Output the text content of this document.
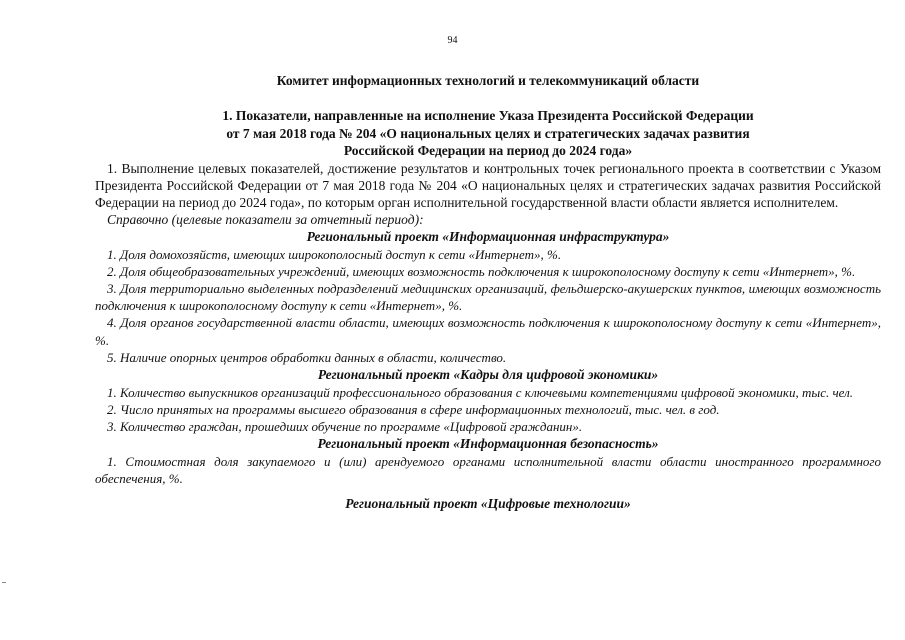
94

Комитет информационных технологий и телекоммуникаций области

1. Показатели, направленные на исполнение Указа Президента Российской Федерации
от 7 мая 2018 года № 204 «О национальных целях и стратегических задачах развития
Российской Федерации на период до 2024 года»

1. Выполнение целевых показателей, достижение результатов и контрольных точек регионального проекта в соответствии с Указом Президента Российской Федерации от 7 мая 2018 года № 204 «О национальных целях и стратегических задачах развития Российской Федерации на период до 2024 года», по которым орган исполнительной государственной власти области является исполнителем.

Справочно (целевые показатели за отчетный период):

Региональный проект «Информационная инфраструктура»

1. Доля домохозяйств, имеющих широкополосный доступ к сети «Интернет», %.

2. Доля общеобразовательных учреждений, имеющих возможность подключения к широкополосному доступу к сети «Интернет», %.

3. Доля территориально выделенных подразделений медицинских организаций, фельдшерско-акушерских пунктов, имеющих возможность подключения к широкополосному доступу к сети «Интернет», %.

4. Доля органов государственной власти области, имеющих возможность подключения к широкополосному доступу к сети «Интернет», %.

5. Наличие опорных центров обработки данных в области, количество.

Региональный проект «Кадры для цифровой экономики»

1. Количество выпускников организаций профессионального образования с ключевыми компетенциями цифровой экономики, тыс. чел.

2. Число принятых на программы высшего образования в сфере информационных технологий, тыс. чел. в год.

3. Количество граждан, прошедших обучение по программе «Цифровой гражданин».

Региональный проект «Информационная безопасность»

1. Стоимостная доля закупаемого и (или) арендуемого органами исполнительной власти области иностранного программного обеспечения, %.

Региональный проект «Цифровые технологии»
